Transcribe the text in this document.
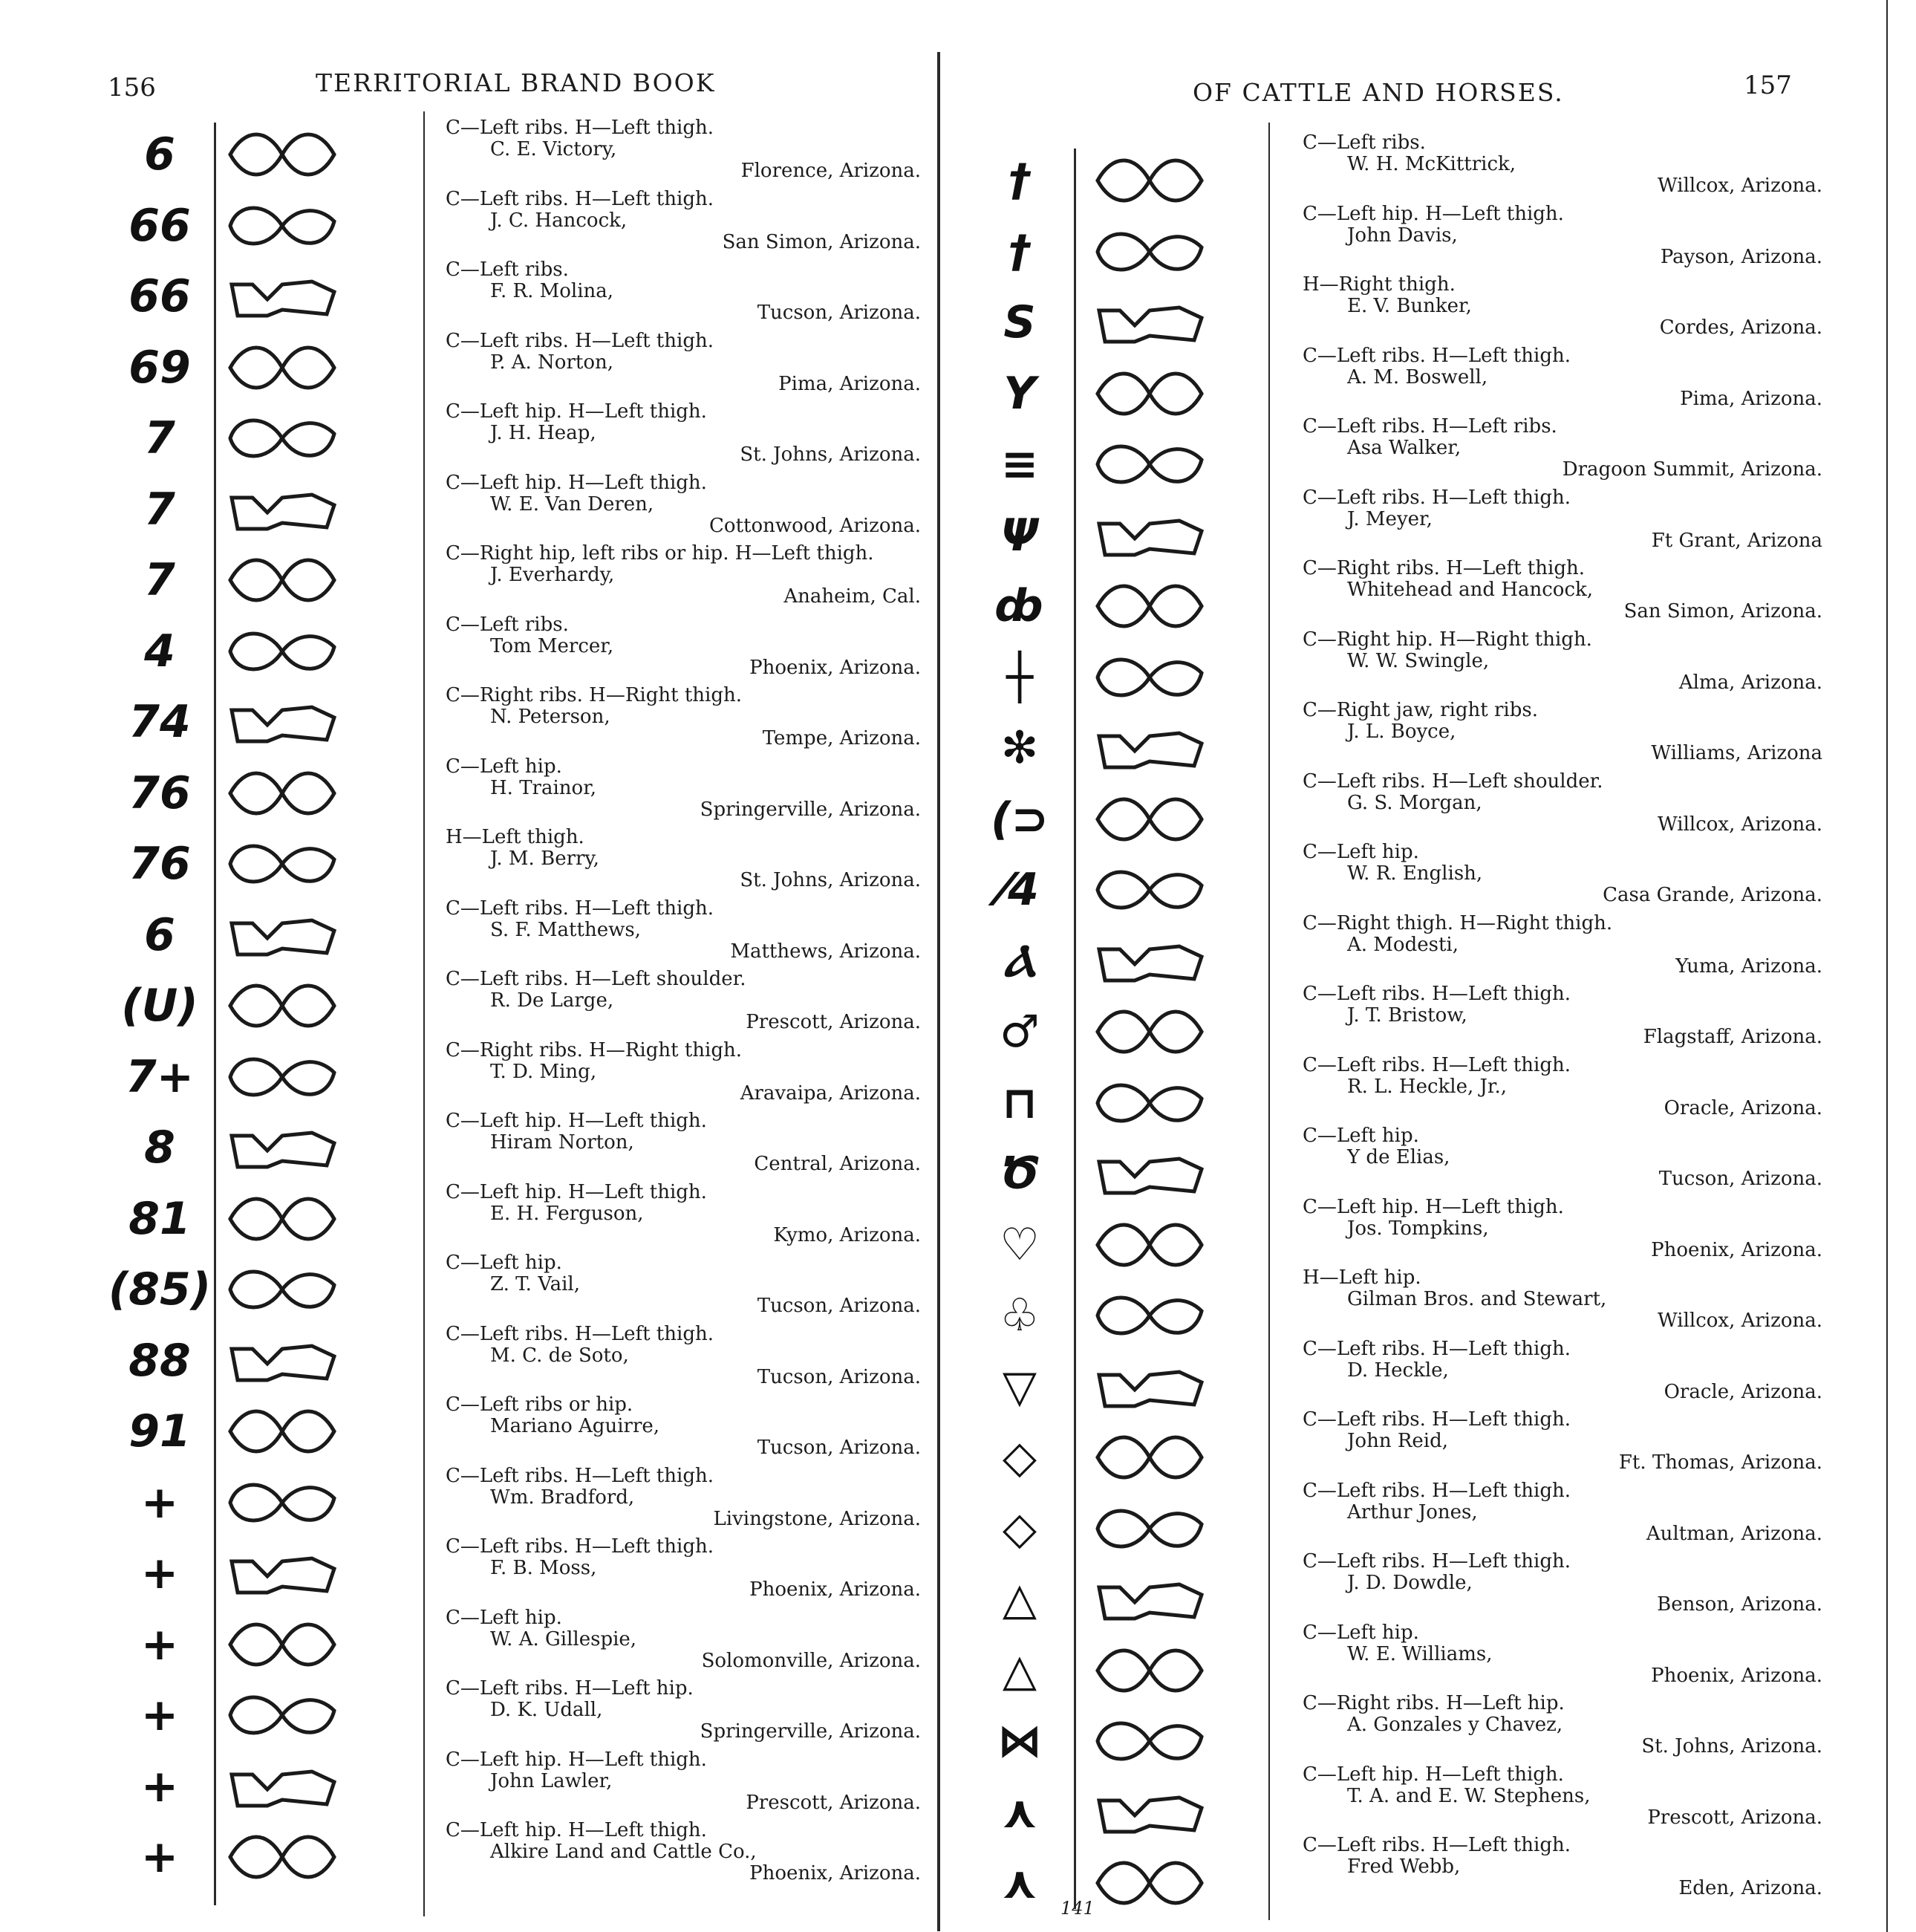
156	TERRITORIAL BRAND BOOK
6
66
66
69
7
7
7
4
74
76
76
6
(U)
7+
8
81
(85)
88
91
+
+
+
+
+
+
C—Left ribs. H—Left thigh.
C. E. Victory,
Florence, Arizona.
C—Left ribs. H—Left thigh.
J. C. Hancock,
San Simon, Arizona.
C—Left ribs.
F. R. Molina,
Tucson, Arizona.
C—Left ribs. H—Left thigh.
P. A. Norton,
Pima, Arizona.
C—Left hip. H—Left thigh.
J. H. Heap,
St. Johns, Arizona.
C—Left hip. H—Left thigh.
W. E. Van Deren,
Cottonwood, Arizona.
C—Right hip, left ribs or hip. H—Left thigh.
J. Everhardy,
Anaheim, Cal.
C—Left ribs.
Tom Mercer,
Phoenix, Arizona.
C—Right ribs. H—Right thigh.
N. Peterson,
Tempe, Arizona.
C—Left hip.
H. Trainor,
Springerville, Arizona.
H—Left thigh.
J. M. Berry,
St. Johns, Arizona.
C—Left ribs. H—Left thigh.
S. F. Matthews,
Matthews, Arizona.
C—Left ribs. H—Left shoulder.
R. De Large,
Prescott, Arizona.
C—Right ribs. H—Right thigh.
T. D. Ming,
Aravaipa, Arizona.
C—Left hip. H—Left thigh.
Hiram Norton,
Central, Arizona.
C—Left hip. H—Left thigh.
E. H. Ferguson,
Kymo, Arizona.
C—Left hip.
Z. T. Vail,
Tucson, Arizona.
C—Left ribs. H—Left thigh.
M. C. de Soto,
Tucson, Arizona.
C—Left ribs or hip.
Mariano Aguirre,
Tucson, Arizona.
C—Left ribs. H—Left thigh.
Wm. Bradford,
Livingstone, Arizona.
C—Left ribs. H—Left thigh.
F. B. Moss,
Phoenix, Arizona.
C—Left hip.
W. A. Gillespie,
Solomonville, Arizona.
C—Left ribs. H—Left hip.
D. K. Udall,
Springerville, Arizona.
C—Left hip. H—Left thigh.
John Lawler,
Prescott, Arizona.
C—Left hip. H—Left thigh.
Alkire Land and Cattle Co.,
Phoenix, Arizona.
OF CATTLE AND HORSES.	157
†
†
S
Y
≡
Ψ
ȸ
┼
✻
(⊃
⁄4
Ⲁ
♂
⊓
Ծ
♡
♧
▽
◇
◇
△
△
⋈
⋏
⋏
C—Left ribs.
W. H. McKittrick,
Willcox, Arizona.
C—Left hip. H—Left thigh.
John Davis,
Payson, Arizona.
H—Right thigh.
E. V. Bunker,
Cordes, Arizona.
C—Left ribs. H—Left thigh.
A. M. Boswell,
Pima, Arizona.
C—Left ribs. H—Left ribs.
Asa Walker,
Dragoon Summit, Arizona.
C—Left ribs. H—Left thigh.
J. Meyer,
Ft Grant, Arizona
C—Right ribs. H—Left thigh.
Whitehead and Hancock,
San Simon, Arizona.
C—Right hip. H—Right thigh.
W. W. Swingle,
Alma, Arizona.
C—Right jaw, right ribs.
J. L. Boyce,
Williams, Arizona
C—Left ribs. H—Left shoulder.
G. S. Morgan,
Willcox, Arizona.
C—Left hip.
W. R. English,
Casa Grande, Arizona.
C—Right thigh. H—Right thigh.
A. Modesti,
Yuma, Arizona.
C—Left ribs. H—Left thigh.
J. T. Bristow,
Flagstaff, Arizona.
C—Left ribs. H—Left thigh.
R. L. Heckle, Jr.,
Oracle, Arizona.
C—Left hip.
Y de Elias,
Tucson, Arizona.
C—Left hip. H—Left thigh.
Jos. Tompkins,
Phoenix, Arizona.
H—Left hip.
Gilman Bros. and Stewart,
Willcox, Arizona.
C—Left ribs. H—Left thigh.
D. Heckle,
Oracle, Arizona.
C—Left ribs. H—Left thigh.
John Reid,
Ft. Thomas, Arizona.
C—Left ribs. H—Left thigh.
Arthur Jones,
Aultman, Arizona.
C—Left ribs. H—Left thigh.
J. D. Dowdle,
Benson, Arizona.
C—Left hip.
W. E. Williams,
Phoenix, Arizona.
C—Right ribs. H—Left hip.
A. Gonzales y Chavez,
St. Johns, Arizona.
C—Left hip. H—Left thigh.
T. A. and E. W. Stephens,
Prescott, Arizona.
C—Left ribs. H—Left thigh.
Fred Webb,
Eden, Arizona.
141
